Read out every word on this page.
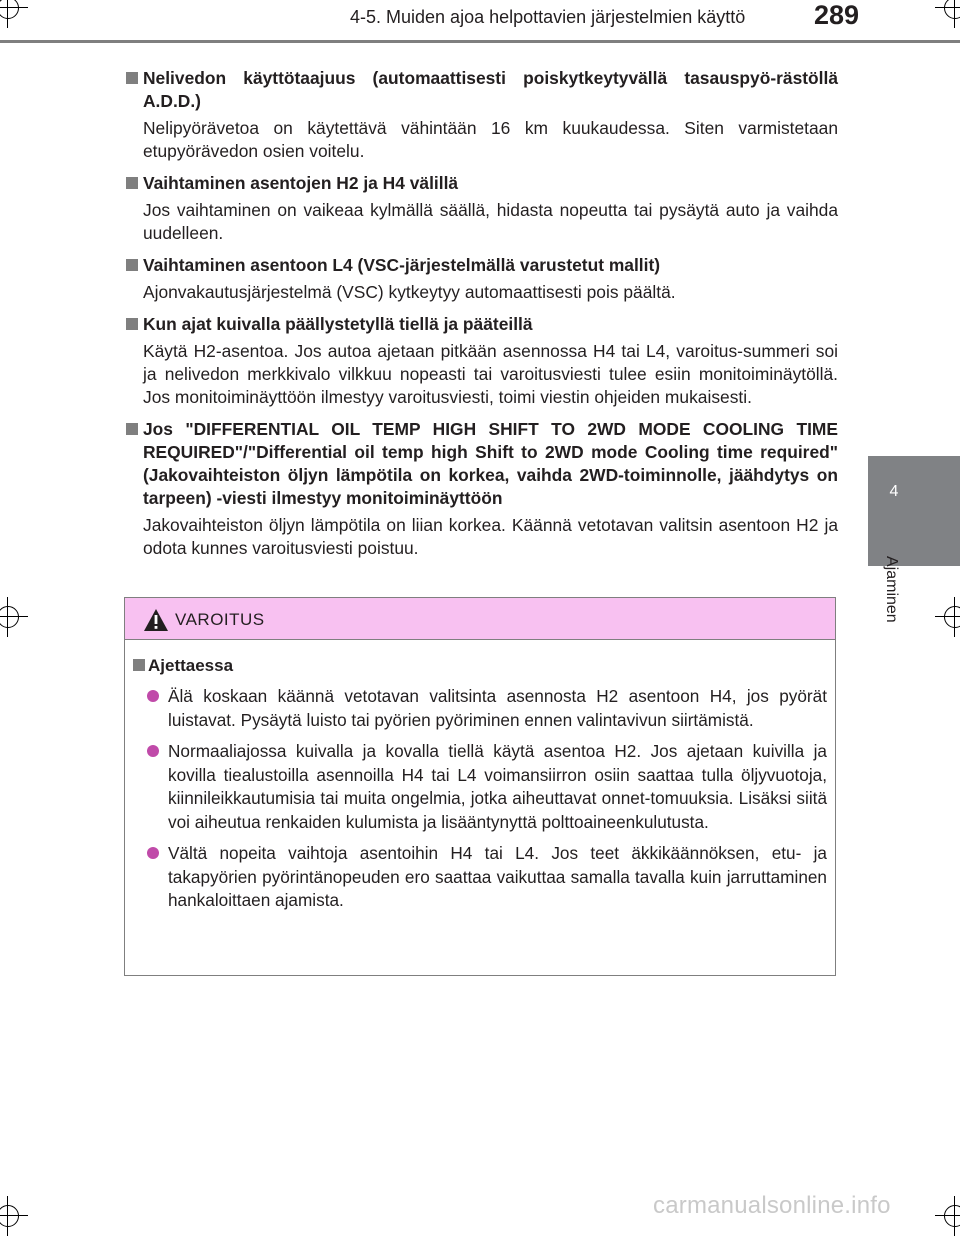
4-5. Muiden ajoa helpottavien järjestelmien käyttö	289
4
Ajaminen
Nelivedon käyttötaajuus (automaattisesti poiskytkeytyvällä tasauspyö-rästöllä A.D.D.)
Nelipyörävetoa on käytettävä vähintään 16 km kuukaudessa. Siten varmistetaan etupyörävedon osien voitelu.
Vaihtaminen asentojen H2 ja H4 välillä
Jos vaihtaminen on vaikeaa kylmällä säällä, hidasta nopeutta tai pysäytä auto ja vaihda uudelleen.
Vaihtaminen asentoon L4 (VSC-järjestelmällä varustetut mallit)
Ajonvakautusjärjestelmä (VSC) kytkeytyy automaattisesti pois päältä.
Kun ajat kuivalla päällystetyllä tiellä ja pääteillä
Käytä H2-asentoa. Jos autoa ajetaan pitkään asennossa H4 tai L4, varoitus-summeri soi ja nelivedon merkkivalo vilkkuu nopeasti tai varoitusviesti tulee esiin monitoiminäytöllä. Jos monitoiminäyttöön ilmestyy varoitusviesti, toimi viestin ohjeiden mukaisesti.
Jos "DIFFERENTIAL OIL TEMP HIGH SHIFT TO 2WD MODE COOLING TIME REQUIRED"/"Differential oil temp high Shift to 2WD mode Cooling time required" (Jakovaihteiston öljyn lämpötila on korkea, vaihda 2WD-toiminnolle, jäähdytys on tarpeen) -viesti ilmestyy monitoiminäyttöön
Jakovaihteiston öljyn lämpötila on liian korkea. Käännä vetotavan valitsin asentoon H2 ja odota kunnes varoitusviesti poistuu.
VAROITUS
Ajettaessa
Älä koskaan käännä vetotavan valitsinta asennosta H2 asentoon H4, jos pyörät luistavat. Pysäytä luisto tai pyörien pyöriminen ennen valintavivun siirtämistä.
Normaaliajossa kuivalla ja kovalla tiellä käytä asentoa H2. Jos ajetaan kuivilla ja kovilla tiealustoilla asennoilla H4 tai L4 voimansiirron osiin saattaa tulla öljyvuotoja, kiinnileikkautumisia tai muita ongelmia, jotka aiheuttavat onnet-tomuuksia. Lisäksi siitä voi aiheutua renkaiden kulumista ja lisääntynyttä polttoaineenkulutusta.
Vältä nopeita vaihtoja asentoihin H4 tai L4. Jos teet äkkikäännöksen, etu- ja takapyörien pyörintänopeuden ero saattaa vaikuttaa samalla tavalla kuin jarruttaminen hankaloittaen ajamista.
carmanualsonline.info
